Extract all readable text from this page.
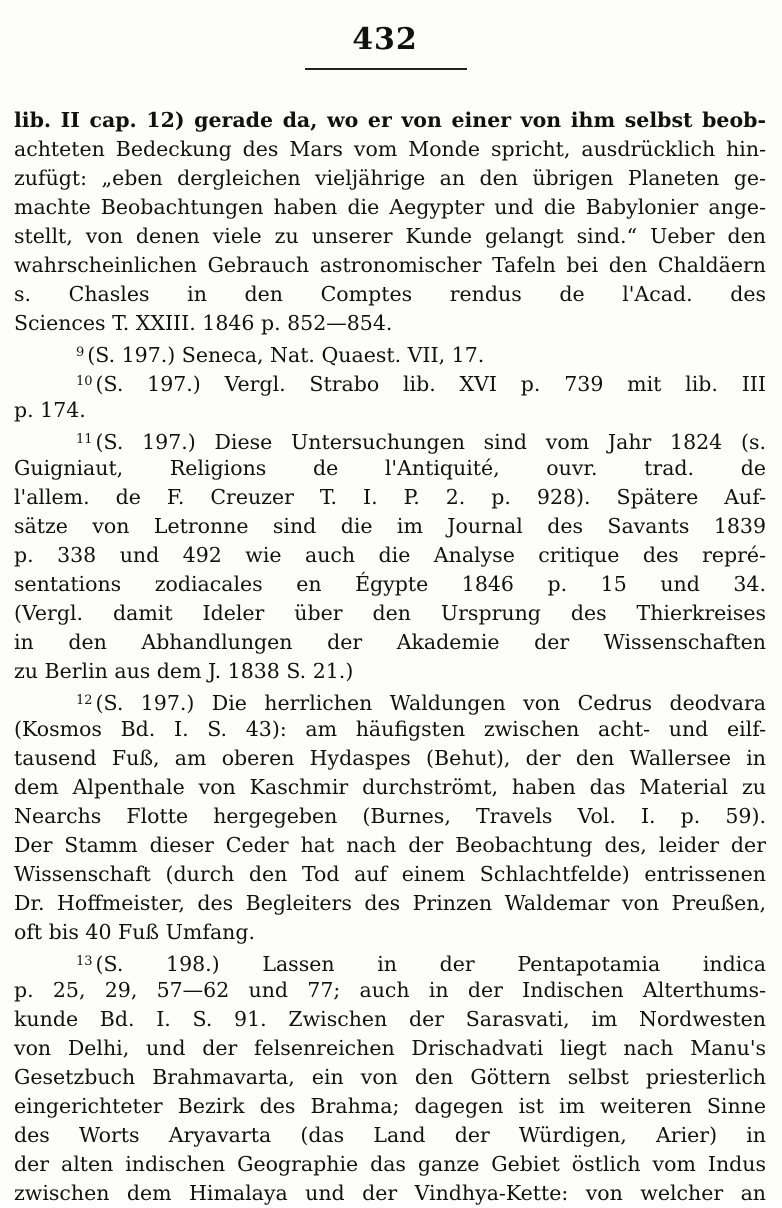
432
lib. II cap. 12) gerade da, wo er von einer von ihm selbst beob-
achteten Bedeckung des Mars vom Monde spricht, ausdrücklich hin-
zufügt: „eben dergleichen vieljährige an den übrigen Planeten ge-
machte Beobachtungen haben die Aegypter und die Babylonier ange-
stellt, von denen viele zu unserer Kunde gelangt sind.“ Ueber den
wahrscheinlichen Gebrauch astronomischer Tafeln bei den Chaldäern
s. Chasles in den Comptes rendus de l'Acad. des
Sciences T. XXIII. 1846 p. 852—854.
$^9$ (S. 197.) Seneca, Nat. Quaest. VII, 17.
$^{10}$ (S. 197.) Vergl. Strabo lib. XVI p. 739 mit lib. III
p. 174.
$^{11}$ (S. 197.) Diese Untersuchungen sind vom Jahr 1824 (s.
Guigniaut, Religions de l'Antiquité, ouvr. trad. de
l'allem. de F. Creuzer T. I. P. 2. p. 928). Spätere Auf-
sätze von Letronne sind die im Journal des Savants 1839
p. 338 und 492 wie auch die Analyse critique des repré-
sentations zodiacales en Égypte 1846 p. 15 und 34.
(Vergl. damit Ideler über den Ursprung des Thierkreises
in den Abhandlungen der Akademie der Wissenschaften
zu Berlin aus dem J. 1838 S. 21.)
$^{12}$ (S. 197.) Die herrlichen Waldungen von Cedrus deodvara
(Kosmos Bd. I. S. 43): am häufigsten zwischen acht- und eilf-
tausend Fuß, am oberen Hydaspes (Behut), der den Wallersee in
dem Alpenthale von Kaschmir durchströmt, haben das Material zu
Nearchs Flotte hergegeben (Burnes, Travels Vol. I. p. 59).
Der Stamm dieser Ceder hat nach der Beobachtung des, leider der
Wissenschaft (durch den Tod auf einem Schlachtfelde) entrissenen
Dr. Hoffmeister, des Begleiters des Prinzen Waldemar von Preußen,
oft bis 40 Fuß Umfang.
$^{13}$ (S. 198.) Lassen in der Pentapotamia indica
p. 25, 29, 57—62 und 77; auch in der Indischen Alterthums-
kunde Bd. I. S. 91. Zwischen der Sarasvati, im Nordwesten
von Delhi, und der felsenreichen Drischadvati liegt nach Manu's
Gesetzbuch Brahmavarta, ein von den Göttern selbst priesterlich
eingerichteter Bezirk des Brahma; dagegen ist im weiteren Sinne
des Worts Aryavarta (das Land der Würdigen, Arier) in
der alten indischen Geographie das ganze Gebiet östlich vom Indus
zwischen dem Himalaya und der Vindhya-Kette: von welcher an
